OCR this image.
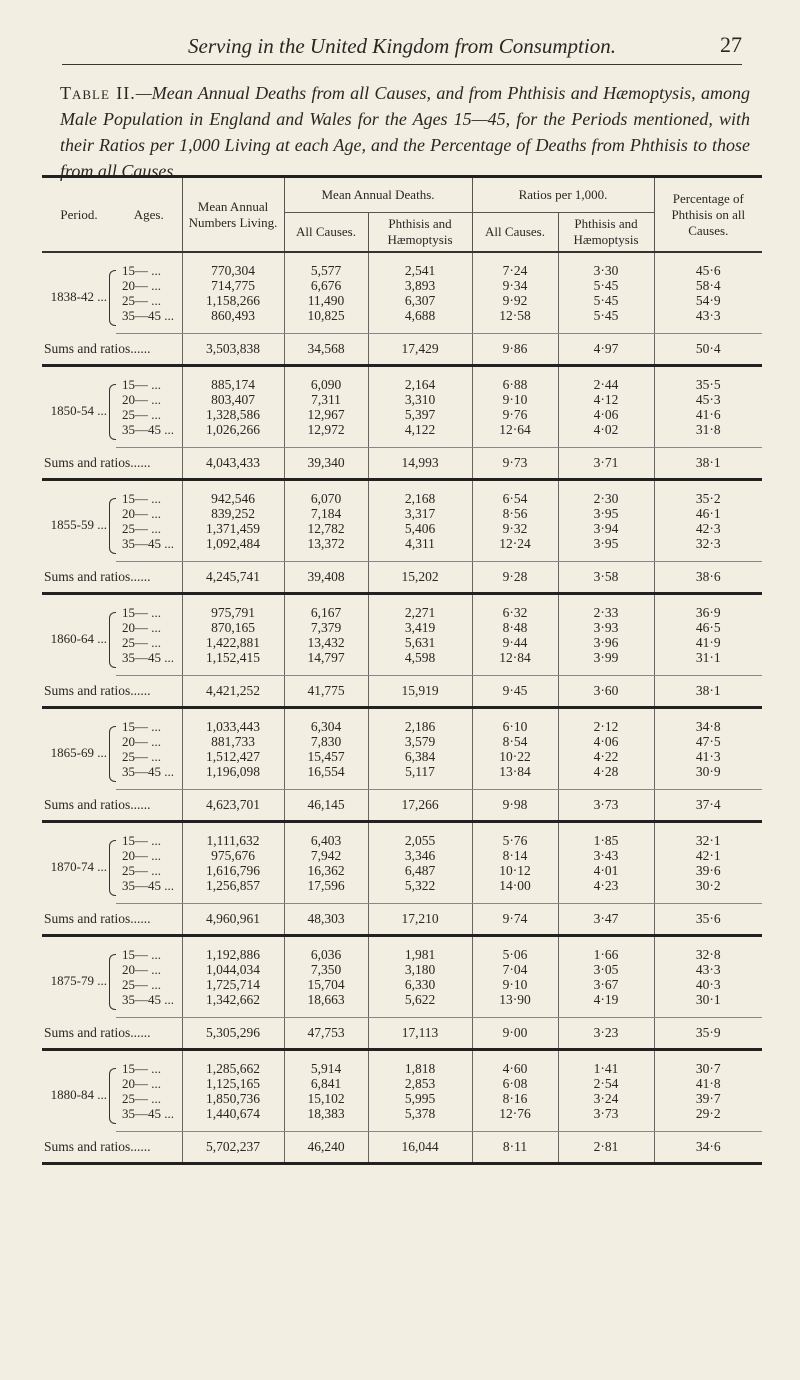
Serving in the United Kingdom from Consumption.	27
Table II.—Mean Annual Deaths from all Causes, and from Phthisis and Hæmoptysis, among Male Population in England and Wales for the Ages 15—45, for the Periods mentioned, with their Ratios per 1,000 Living at each Age, and the Percentage of Deaths from Phthisis to those from all Causes.
Period.	Ages.	Mean Annual Numbers Living.	Mean Annual Deaths.		Ratios per 1,000.		Percentage of Phthisis on all Causes.
			All Causes.	Phthisis and Hæmoptysis	All Causes.	Phthisis and Hæmoptysis	
1838-42 ...	15— ...	770,304	5,577	2,541	7·24	3·30	45·6
	20— ...	714,775	6,676	3,893	9·34	5·45	58·4
	25— ...	1,158,266	11,490	6,307	9·92	5·45	54·9
	35—45 ...	860,493	10,825	4,688	12·58	5·45	43·3
Sums and ratios......		3,503,838	34,568	17,429	9·86	4·97	50·4
1850-54 ...	15— ...	885,174	6,090	2,164	6·88	2·44	35·5
	20— ...	803,407	7,311	3,310	9·10	4·12	45·3
	25— ...	1,328,586	12,967	5,397	9·76	4·06	41·6
	35—45 ...	1,026,266	12,972	4,122	12·64	4·02	31·8
Sums and ratios......		4,043,433	39,340	14,993	9·73	3·71	38·1
1855-59 ...	15— ...	942,546	6,070	2,168	6·54	2·30	35·2
	20— ...	839,252	7,184	3,317	8·56	3·95	46·1
	25— ...	1,371,459	12,782	5,406	9·32	3·94	42·3
	35—45 ...	1,092,484	13,372	4,311	12·24	3·95	32·3
Sums and ratios......		4,245,741	39,408	15,202	9·28	3·58	38·6
1860-64 ...	15— ...	975,791	6,167	2,271	6·32	2·33	36·9
	20— ...	870,165	7,379	3,419	8·48	3·93	46·5
	25— ...	1,422,881	13,432	5,631	9·44	3·96	41·9
	35—45 ...	1,152,415	14,797	4,598	12·84	3·99	31·1
Sums and ratios......		4,421,252	41,775	15,919	9·45	3·60	38·1
1865-69 ...	15— ...	1,033,443	6,304	2,186	6·10	2·12	34·8
	20— ...	881,733	7,830	3,579	8·54	4·06	47·5
	25— ...	1,512,427	15,457	6,384	10·22	4·22	41·3
	35—45 ...	1,196,098	16,554	5,117	13·84	4·28	30·9
Sums and ratios......		4,623,701	46,145	17,266	9·98	3·73	37·4
1870-74 ...	15— ...	1,111,632	6,403	2,055	5·76	1·85	32·1
	20— ...	975,676	7,942	3,346	8·14	3·43	42·1
	25— ...	1,616,796	16,362	6,487	10·12	4·01	39·6
	35—45 ...	1,256,857	17,596	5,322	14·00	4·23	30·2
Sums and ratios......		4,960,961	48,303	17,210	9·74	3·47	35·6
1875-79 ...	15— ...	1,192,886	6,036	1,981	5·06	1·66	32·8
	20— ...	1,044,034	7,350	3,180	7·04	3·05	43·3
	25— ...	1,725,714	15,704	6,330	9·10	3·67	40·3
	35—45 ...	1,342,662	18,663	5,622	13·90	4·19	30·1
Sums and ratios......		5,305,296	47,753	17,113	9·00	3·23	35·9
1880-84 ...	15— ...	1,285,662	5,914	1,818	4·60	1·41	30·7
	20— ...	1,125,165	6,841	2,853	6·08	2·54	41·8
	25— ...	1,850,736	15,102	5,995	8·16	3·24	39·7
	35—45 ...	1,440,674	18,383	5,378	12·76	3·73	29·2
Sums and ratios......		5,702,237	46,240	16,044	8·11	2·81	34·6
